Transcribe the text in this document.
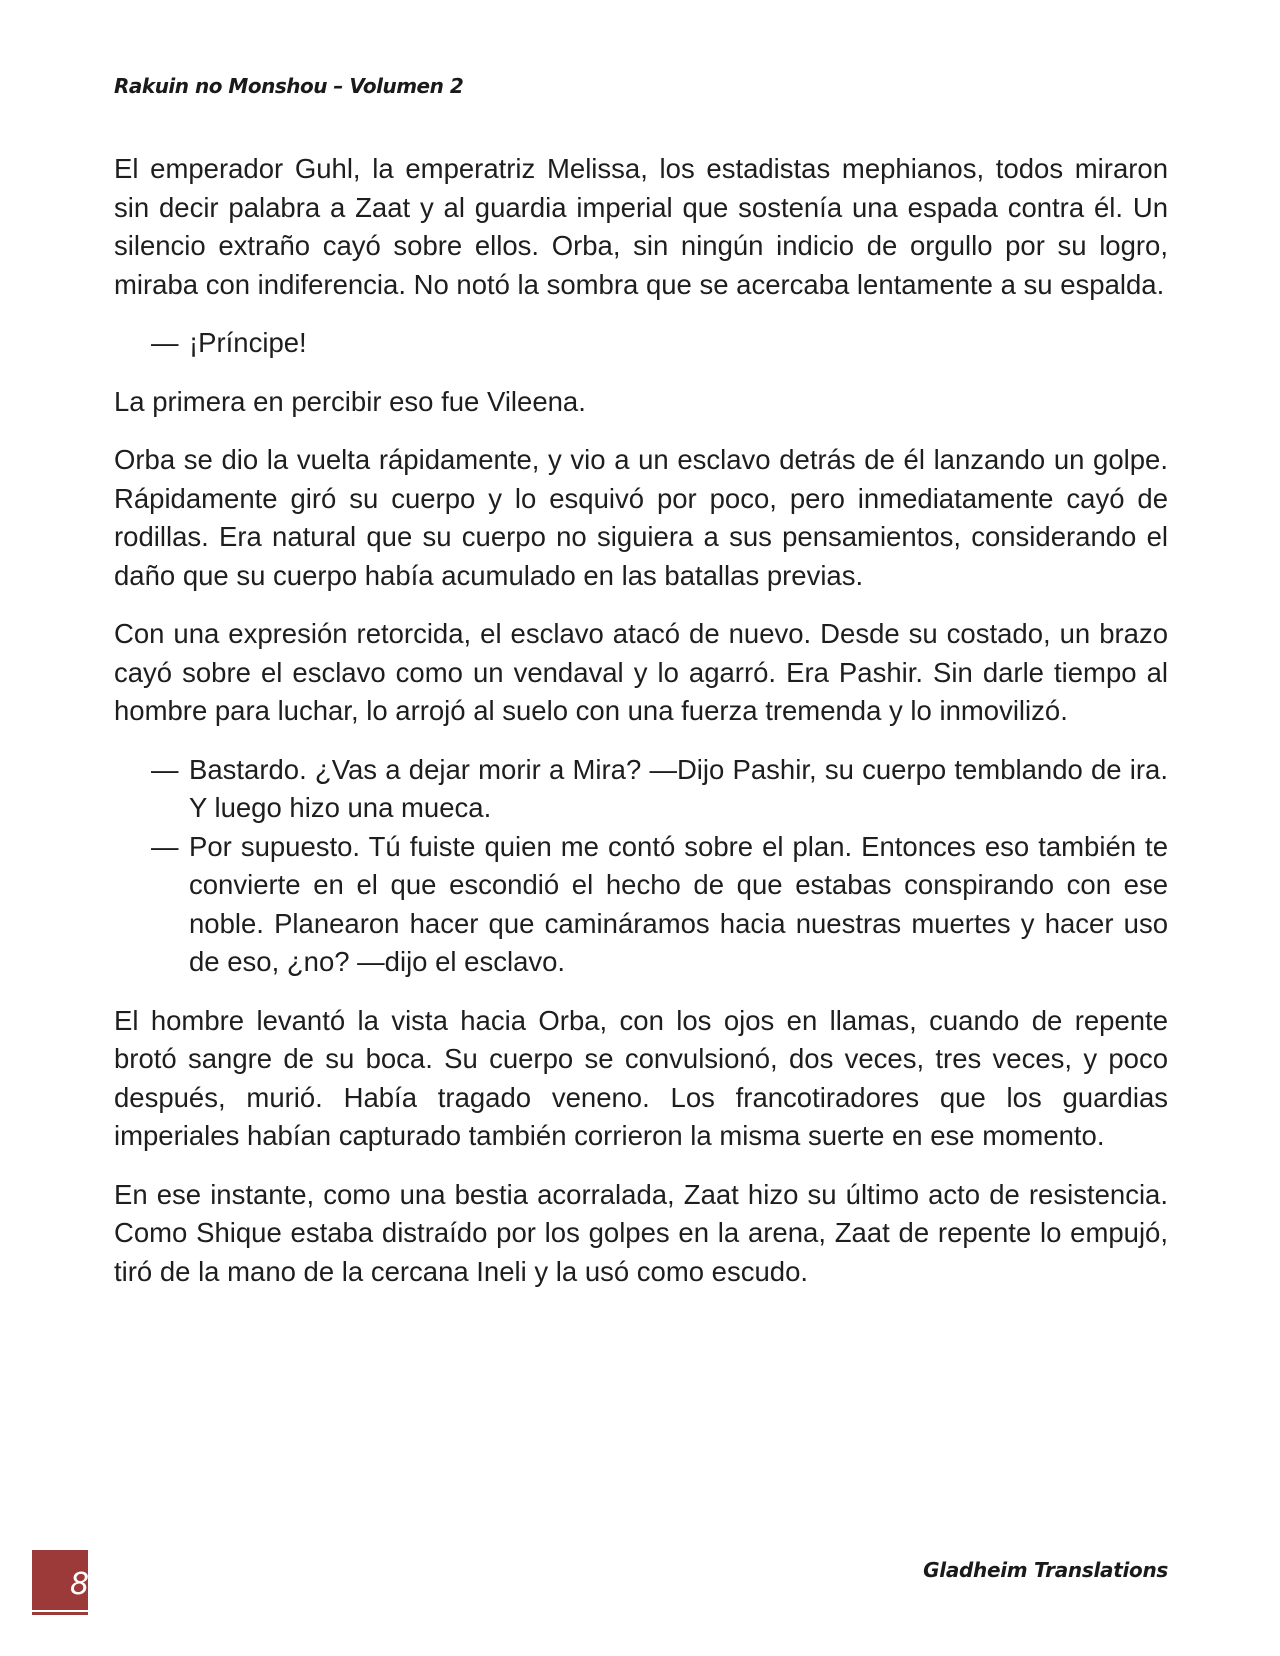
Rakuin no Monshou – Volumen 2

El emperador Guhl, la emperatriz Melissa, los estadistas mephianos, todos miraron sin decir palabra a Zaat y al guardia imperial que sostenía una espada contra él. Un silencio extraño cayó sobre ellos. Orba, sin ningún indicio de orgullo por su logro, miraba con indiferencia. No notó la sombra que se acercaba lentamente a su espalda.

— ¡Príncipe!

La primera en percibir eso fue Vileena.

Orba se dio la vuelta rápidamente, y vio a un esclavo detrás de él lanzando un golpe. Rápidamente giró su cuerpo y lo esquivó por poco, pero inmediatamente cayó de rodillas. Era natural que su cuerpo no siguiera a sus pensamientos, considerando el daño que su cuerpo había acumulado en las batallas previas.

Con una expresión retorcida, el esclavo atacó de nuevo. Desde su costado, un brazo cayó sobre el esclavo como un vendaval y lo agarró. Era Pashir. Sin darle tiempo al hombre para luchar, lo arrojó al suelo con una fuerza tremenda y lo inmovilizó.

— Bastardo. ¿Vas a dejar morir a Mira? —Dijo Pashir, su cuerpo temblando de ira. Y luego hizo una mueca.
— Por supuesto. Tú fuiste quien me contó sobre el plan. Entonces eso también te convierte en el que escondió el hecho de que estabas conspirando con ese noble. Planearon hacer que camináramos hacia nuestras muertes y hacer uso de eso, ¿no? —dijo el esclavo.

El hombre levantó la vista hacia Orba, con los ojos en llamas, cuando de repente brotó sangre de su boca. Su cuerpo se convulsionó, dos veces, tres veces, y poco después, murió. Había tragado veneno. Los francotiradores que los guardias imperiales habían capturado también corrieron la misma suerte en ese momento.

En ese instante, como una bestia acorralada, Zaat hizo su último acto de resistencia. Como Shique estaba distraído por los golpes en la arena, Zaat de repente lo empujó, tiró de la mano de la cercana Ineli y la usó como escudo.

8	Gladheim Translations
